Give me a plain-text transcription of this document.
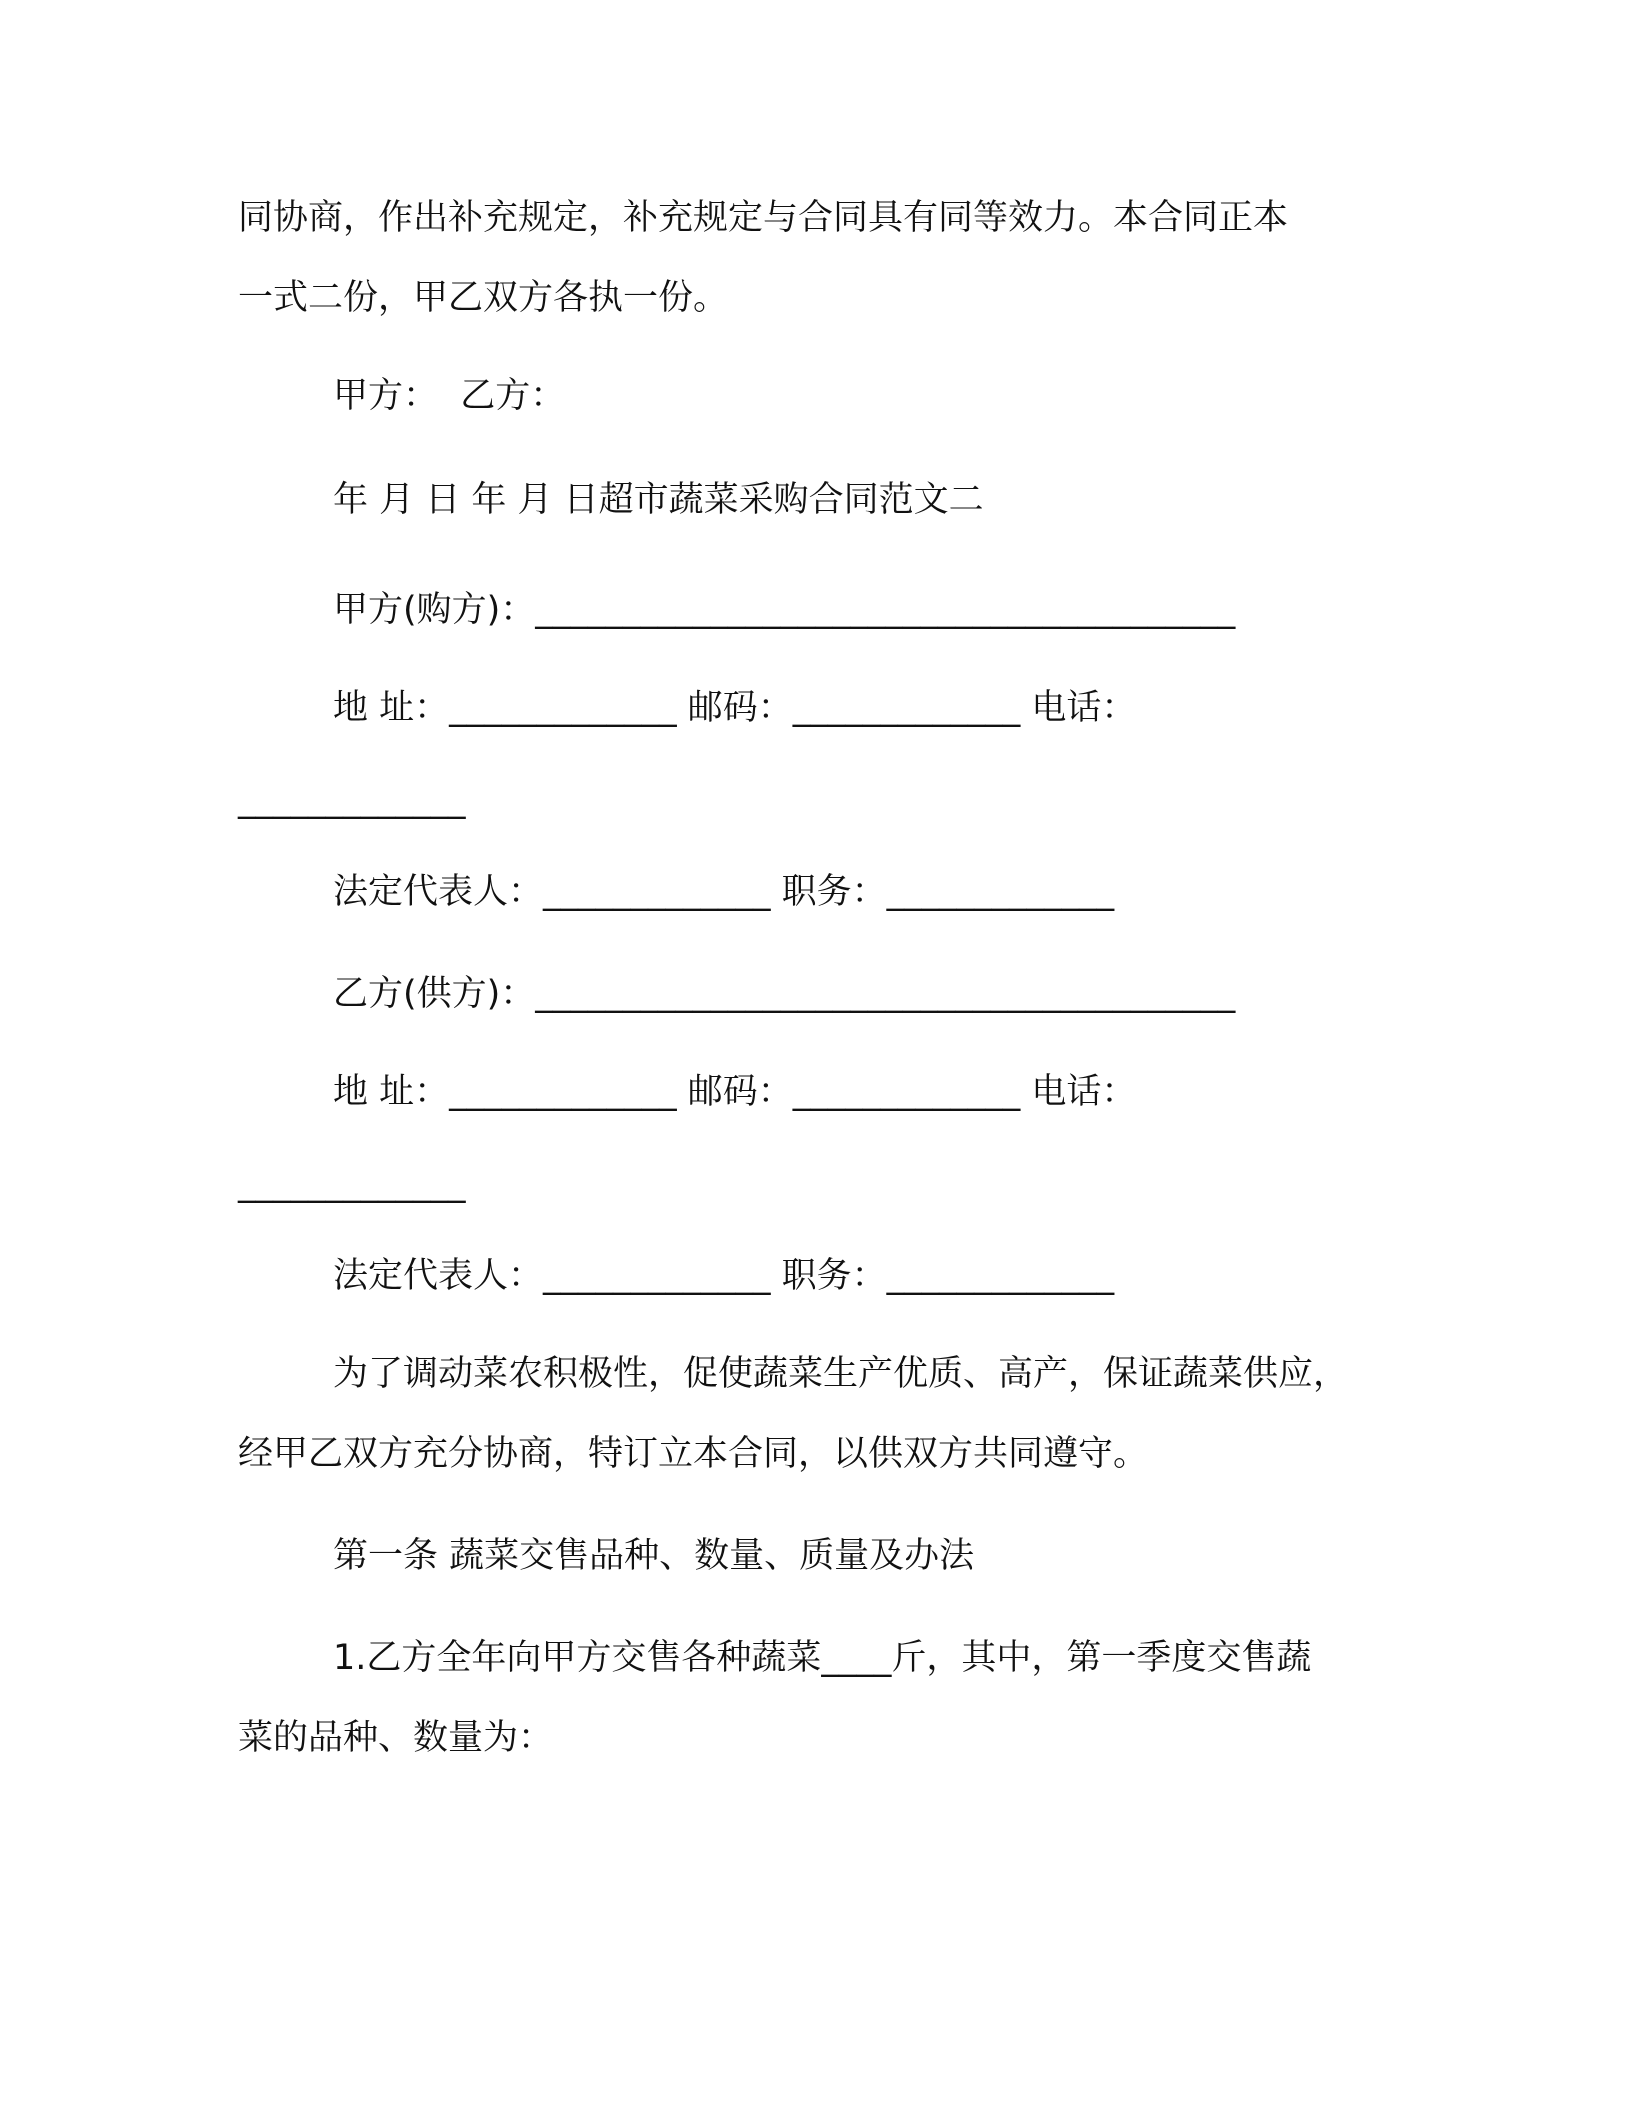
同协商，作出补充规定，补充规定与合同具有同等效力。本合同正本
一式二份，甲乙双方各执一份。
甲方：  乙方：
年 月 日 年 月 日超市蔬菜采购合同范文二
甲方(购方)：________________________________________
地 址：_____________ 邮码：_____________ 电话：
_____________
法定代表人：_____________ 职务：_____________
乙方(供方)：________________________________________
地 址：_____________ 邮码：_____________ 电话：
_____________
法定代表人：_____________ 职务：_____________
为了调动菜农积极性，促使蔬菜生产优质、高产，保证蔬菜供应，
经甲乙双方充分协商，特订立本合同，以供双方共同遵守。
第一条 蔬菜交售品种、数量、质量及办法
1.乙方全年向甲方交售各种蔬菜____斤，其中，第一季度交售蔬
菜的品种、数量为：
